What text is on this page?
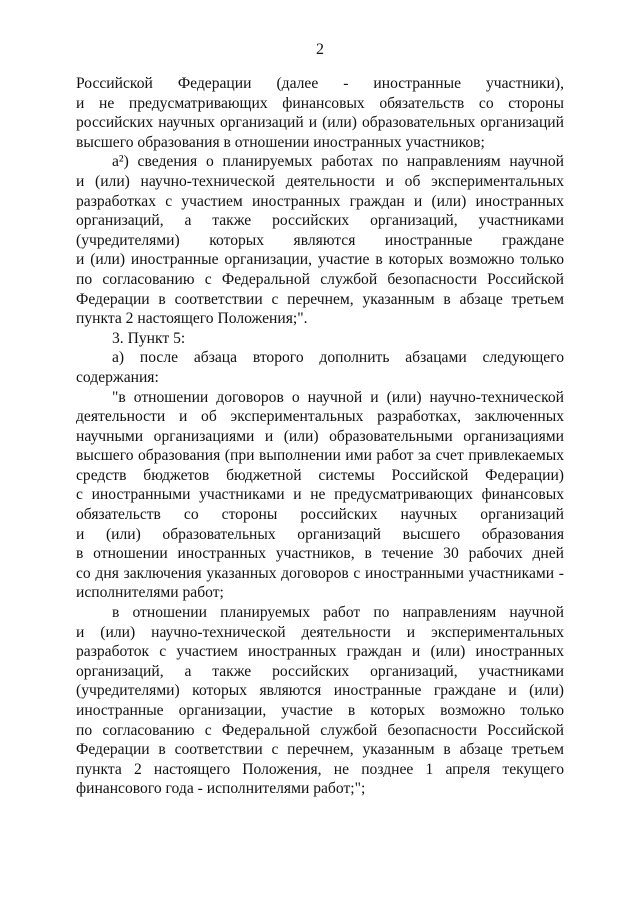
2

Российской Федерации (далее - иностранные участники),
и не предусматривающих финансовых обязательств со стороны
российских научных организаций и (или) образовательных организаций
высшего образования в отношении иностранных участников;

а²) сведения о планируемых работах по направлениям научной
и (или) научно-технической деятельности и об экспериментальных
разработках с участием иностранных граждан и (или) иностранных
организаций, а также российских организаций, участниками
(учредителями) которых являются иностранные граждане
и (или) иностранные организации, участие в которых возможно только
по согласованию с Федеральной службой безопасности Российской
Федерации в соответствии с перечнем, указанным в абзаце третьем
пункта 2 настоящего Положения;".

3. Пункт 5:

а) после абзаца второго дополнить абзацами следующего
содержания:

"в отношении договоров о научной и (или) научно-технической
деятельности и об экспериментальных разработках, заключенных
научными организациями и (или) образовательными организациями
высшего образования (при выполнении ими работ за счет привлекаемых
средств бюджетов бюджетной системы Российской Федерации)
с иностранными участниками и не предусматривающих финансовых
обязательств со стороны российских научных организаций
и (или) образовательных организаций высшего образования
в отношении иностранных участников, в течение 30 рабочих дней
со дня заключения указанных договоров с иностранными участниками -
исполнителями работ;

в отношении планируемых работ по направлениям научной
и (или) научно-технической деятельности и экспериментальных
разработок с участием иностранных граждан и (или) иностранных
организаций, а также российских организаций, участниками
(учредителями) которых являются иностранные граждане и (или)
иностранные организации, участие в которых возможно только
по согласованию с Федеральной службой безопасности Российской
Федерации в соответствии с перечнем, указанным в абзаце третьем
пункта 2 настоящего Положения, не позднее 1 апреля текущего
финансового года - исполнителями работ;";
